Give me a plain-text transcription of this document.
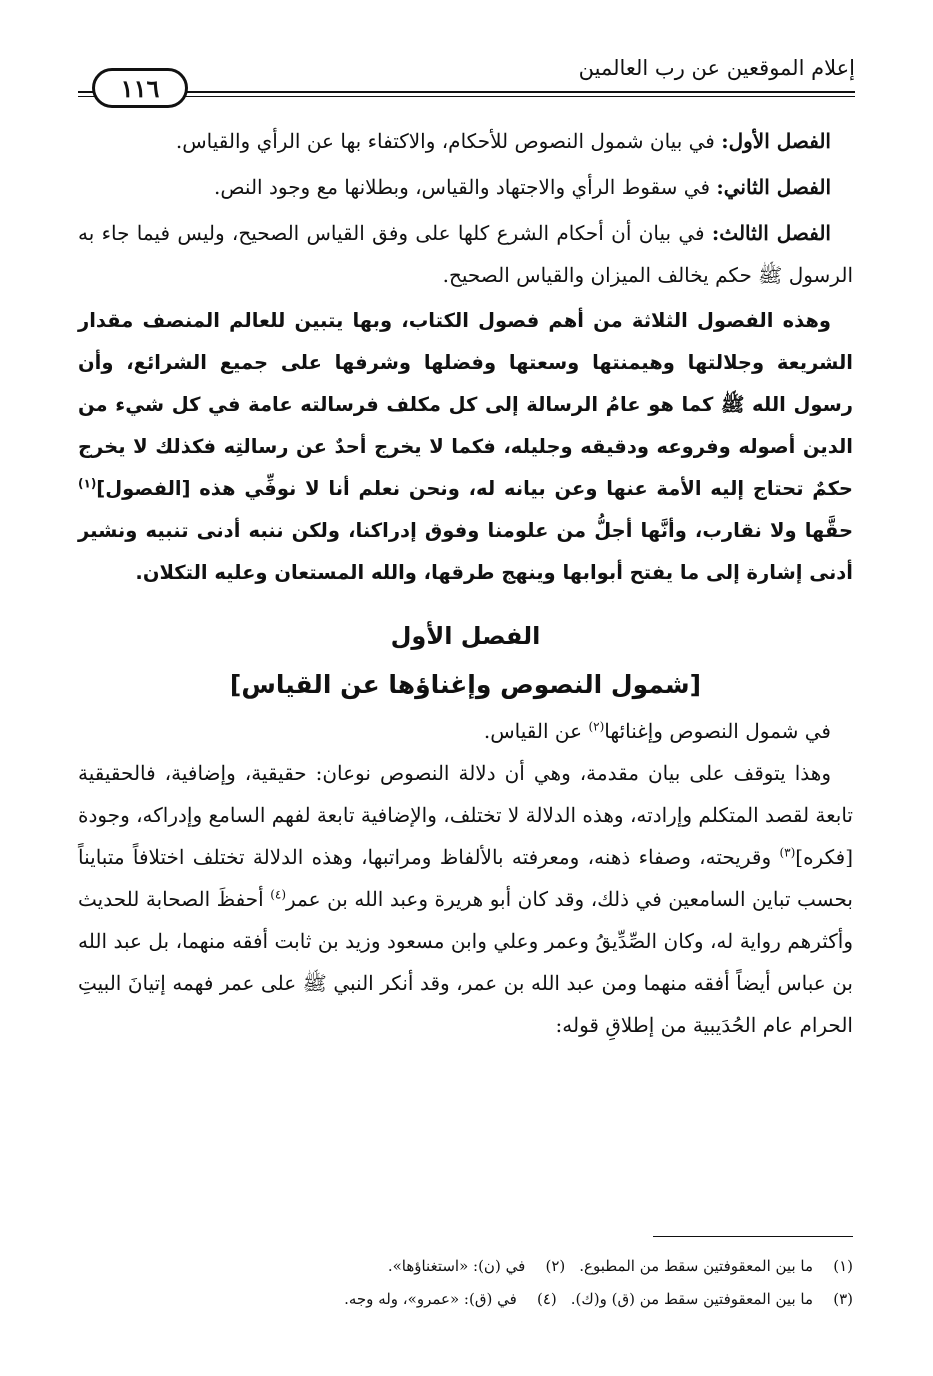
إعلام الموقعين عن رب العالمين
١١٦

الفصل الأول: في بيان شمول النصوص للأحكام، والاكتفاء بها عن الرأي والقياس.

الفصل الثاني: في سقوط الرأي والاجتهاد والقياس، وبطلانها مع وجود النص.

الفصل الثالث: في بيان أن أحكام الشرع كلها على وفق القياس الصحيح، وليس فيما جاء به الرسول ﷺ حكم يخالف الميزان والقياس الصحيح.

وهذه الفصول الثلاثة من أهم فصول الكتاب، وبها يتبين للعالم المنصف مقدار الشريعة وجلالتها وهيمنتها وسعتها وفضلها وشرفها على جميع الشرائع، وأن رسول الله ﷺ كما هو عامُ الرسالة إلى كل مكلف فرسالته عامة في كل شيء من الدين أصوله وفروعه ودقيقه وجليله، فكما لا يخرج أحدٌ عن رسالتِه فكذلك لا يخرج حكمٌ تحتاج إليه الأمة عنها وعن بيانه له، ونحن نعلم أنا لا نوفِّي هذه [الفصول]$^{(١)}$ حقَّها ولا نقارب، وأنَّها أجلُّ من علومنا وفوق إدراكنا، ولكن ننبه أدنى تنبيه ونشير أدنى إشارة إلى ما يفتح أبوابها وينهج طرقها، والله المستعان وعليه التكلان.

الفصل الأول

[شمول النصوص وإغناؤها عن القياس]

في شمول النصوص وإغنائها$^{(٢)}$ عن القياس.

وهذا يتوقف على بيان مقدمة، وهي أن دلالة النصوص نوعان: حقيقية، وإضافية، فالحقيقية تابعة لقصد المتكلم وإرادته، وهذه الدلالة لا تختلف، والإضافية تابعة لفهم السامع وإدراكه، وجودة [فكره]$^{(٣)}$ وقريحته، وصفاء ذهنه، ومعرفته بالألفاظ ومراتبها، وهذه الدلالة تختلف اختلافاً متبايناً بحسب تباين السامعين في ذلك، وقد كان أبو هريرة وعبد الله بن عمر$^{(٤)}$ أحفظَ الصحابة للحديث وأكثرهم رواية له، وكان الصِّدِّيقُ وعمر وعلي وابن مسعود وزيد بن ثابت أفقه منهما، بل عبد الله بن عباس أيضاً أفقه منهما ومن عبد الله بن عمر، وقد أنكر النبي ﷺ على عمر فهمه إتيانَ البيتِ الحرام عام الحُدَيبية من إطلاقِ قوله:

(١)
ما بين المعقوفتين سقط من المطبوع.
(٢)
في (ن): «استغناؤها».
(٣)
ما بين المعقوفتين سقط من (ق) و(ك).
(٤)
في (ق): «عمرو»، وله وجه.
